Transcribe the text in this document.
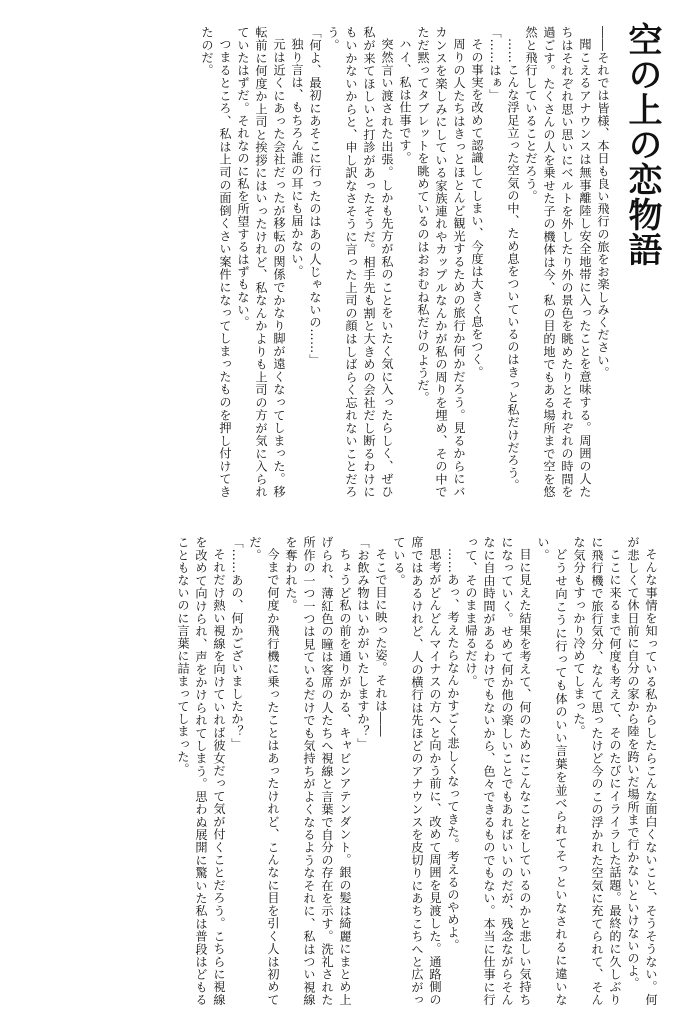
空の上の恋物語

――それでは皆様、本日も良い飛行の旅をお楽しみください。

聞こえるアナウンスは無事離陸し安全地帯に入ったことを意味する。周囲の人たちはそれぞれ思い思いにベルトを外したり外の景色を眺めたりとそれぞれの時間を過ごす。たくさんの人を乗せた子の機体は今、私の目的地でもある場所まで空を悠然と飛行していることだろう。

……こんな浮足立った空気の中、ため息をついているのはきっと私だけだろう。

「……はぁ」

その事実を改めて認識してしまい、今度は大きく息をつく。

周りの人たちはきっとほとんど観光するための旅行か何かだろう。見るからにバカンスを楽しみにしている家族連れやカップルなんかが私の周りを埋め、その中でただ黙ってタブレットを眺めているのはおおむね私だけのようだ。

ハイ、私は仕事です。

突然言い渡された出張。しかも先方が私のことをいたく気に入ったらしく、ぜひ私が来てほしいと打診があったそうだ。相手先も割と大きめの会社だし断るわけにもいかないからと、申し訳なさそうに言った上司の顔はしばらく忘れないことだろう。

「何よ、最初にあそこに行ったのはあの人じゃないの……」

独り言は、もちろん誰の耳にも届かない。

元は近くにあった会社だったが移転の関係でかなり脚が遠くなってしまった。移転前に何度か上司と挨拶にはいったけれど、私なんかよりも上司の方が気に入られていたはずだ。それなのに私を所望するはずもない。

つまるところ、私は上司の面倒くさい案件になってしまったものを押し付けてきたのだ。

そんな事情を知っている私からしたらこんな面白くないこと、そうそうない。何が悲しくて休日前に自分の家から陸を跨いだ場所まで行かないといけないのよ。

ここに来るまで何度も考えて、そのたびにイライラした話題。最終的に久しぶりに飛行機で旅行気分、なんて思ったけど今のこの浮かれた空気に充てられて、そんな気分もすっかり冷めてしまった。

どうせ向こうに行っても体のいい言葉を並べられてそっといなされるに違いない。

目に見えた結果を考えて、何のためにこんなことをしているのかと悲しい気持ちになっていく。せめて何か他の楽しいことでもあればいいのだが、残念ながらそんなに自由時間があるわけでもないから、色々できるものでもない。本当に仕事に行って、そのまま帰るだけ。

……あっ、考えたらなんかすごく悲しくなってきた。考えるのやめよ。

思考がどんどんマイナスの方へと向かう前に、改めて周囲を見渡した。通路側の席ではあるけれど、人の横行は先ほどのアナウンスを皮切りにあちこちへと広がっている。

そこで目に映った姿。それは――

「お飲み物はいかがいたしますか？」

ちょうど私の前を通りがかる、キャビンアテンダント。銀の髪は綺麗にまとめ上げられ、薄紅色の瞳は客席の人たちへ視線と言葉で自分の存在を示す。洗礼された所作の一つ一つは見ているだけでも気持ちがよくなるようなそれに、私はつい視線を奪われた。

今まで何度か飛行機に乗ったことはあったけれど、こんなに目を引く人は初めてだ。

「……あの、何かございましたか？」

それだけ熱い視線を向けていれば彼女だって気が付くことだろう。こちらに視線を改めて向けられ、声をかけられてしまう。思わぬ展開に驚いた私は普段はどもることもないのに言葉に詰まってしまった。
